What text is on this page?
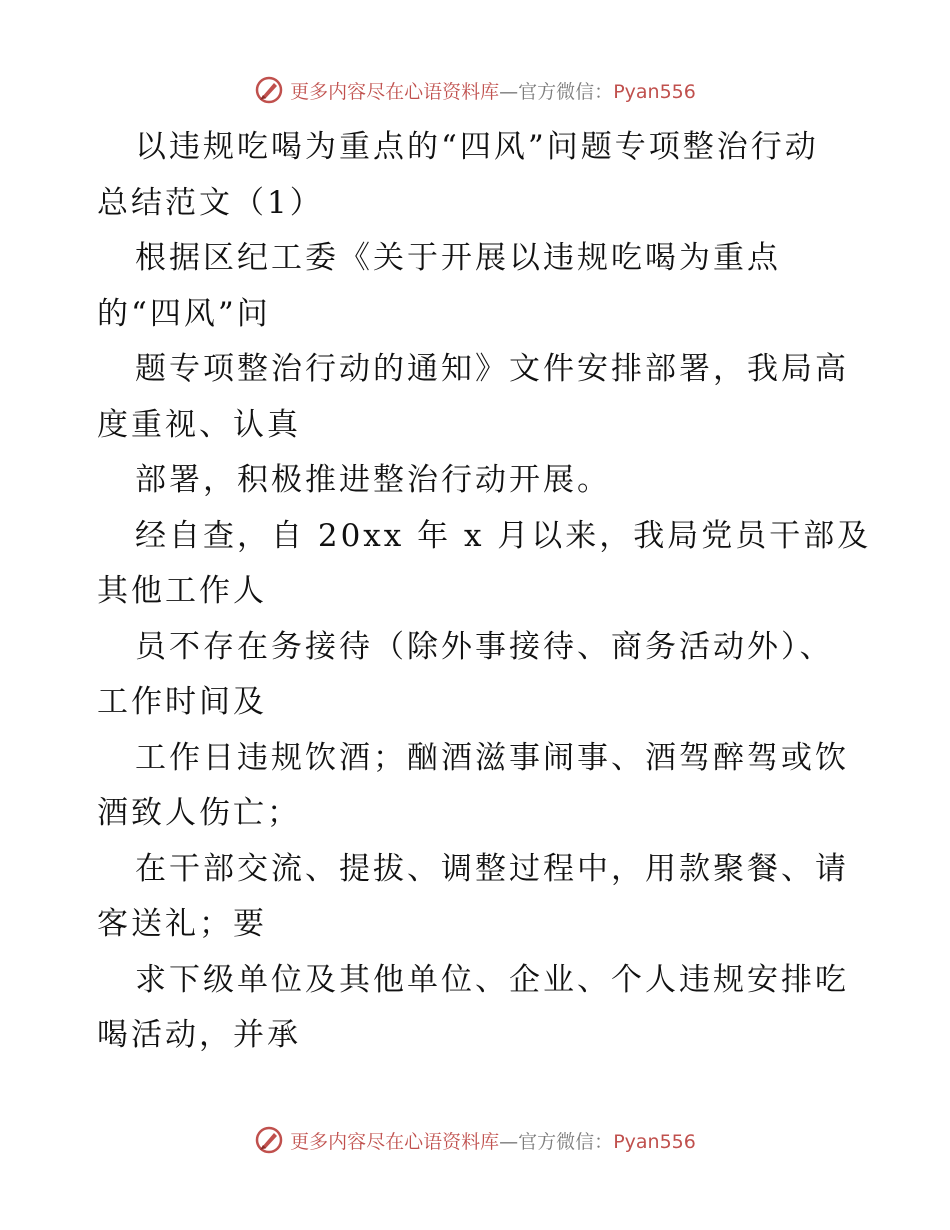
更多内容尽在心语资料库—官方微信：Pyan556
以违规吃喝为重点的“四风”问题专项整治行动
总结范文（1）
根据区纪工委《关于开展以违规吃喝为重点
的“四风”问
题专项整治行动的通知》文件安排部署，我局高
度重视、认真
部署，积极推进整治行动开展。
经自查，自 20xx 年 x 月以来，我局党员干部及
其他工作人
员不存在务接待（除外事接待、商务活动外）、
工作时间及
工作日违规饮酒；酗酒滋事闹事、酒驾醉驾或饮
酒致人伤亡；
在干部交流、提拔、调整过程中，用款聚餐、请
客送礼；要
求下级单位及其他单位、企业、个人违规安排吃
喝活动，并承
更多内容尽在心语资料库—官方微信：Pyan556
